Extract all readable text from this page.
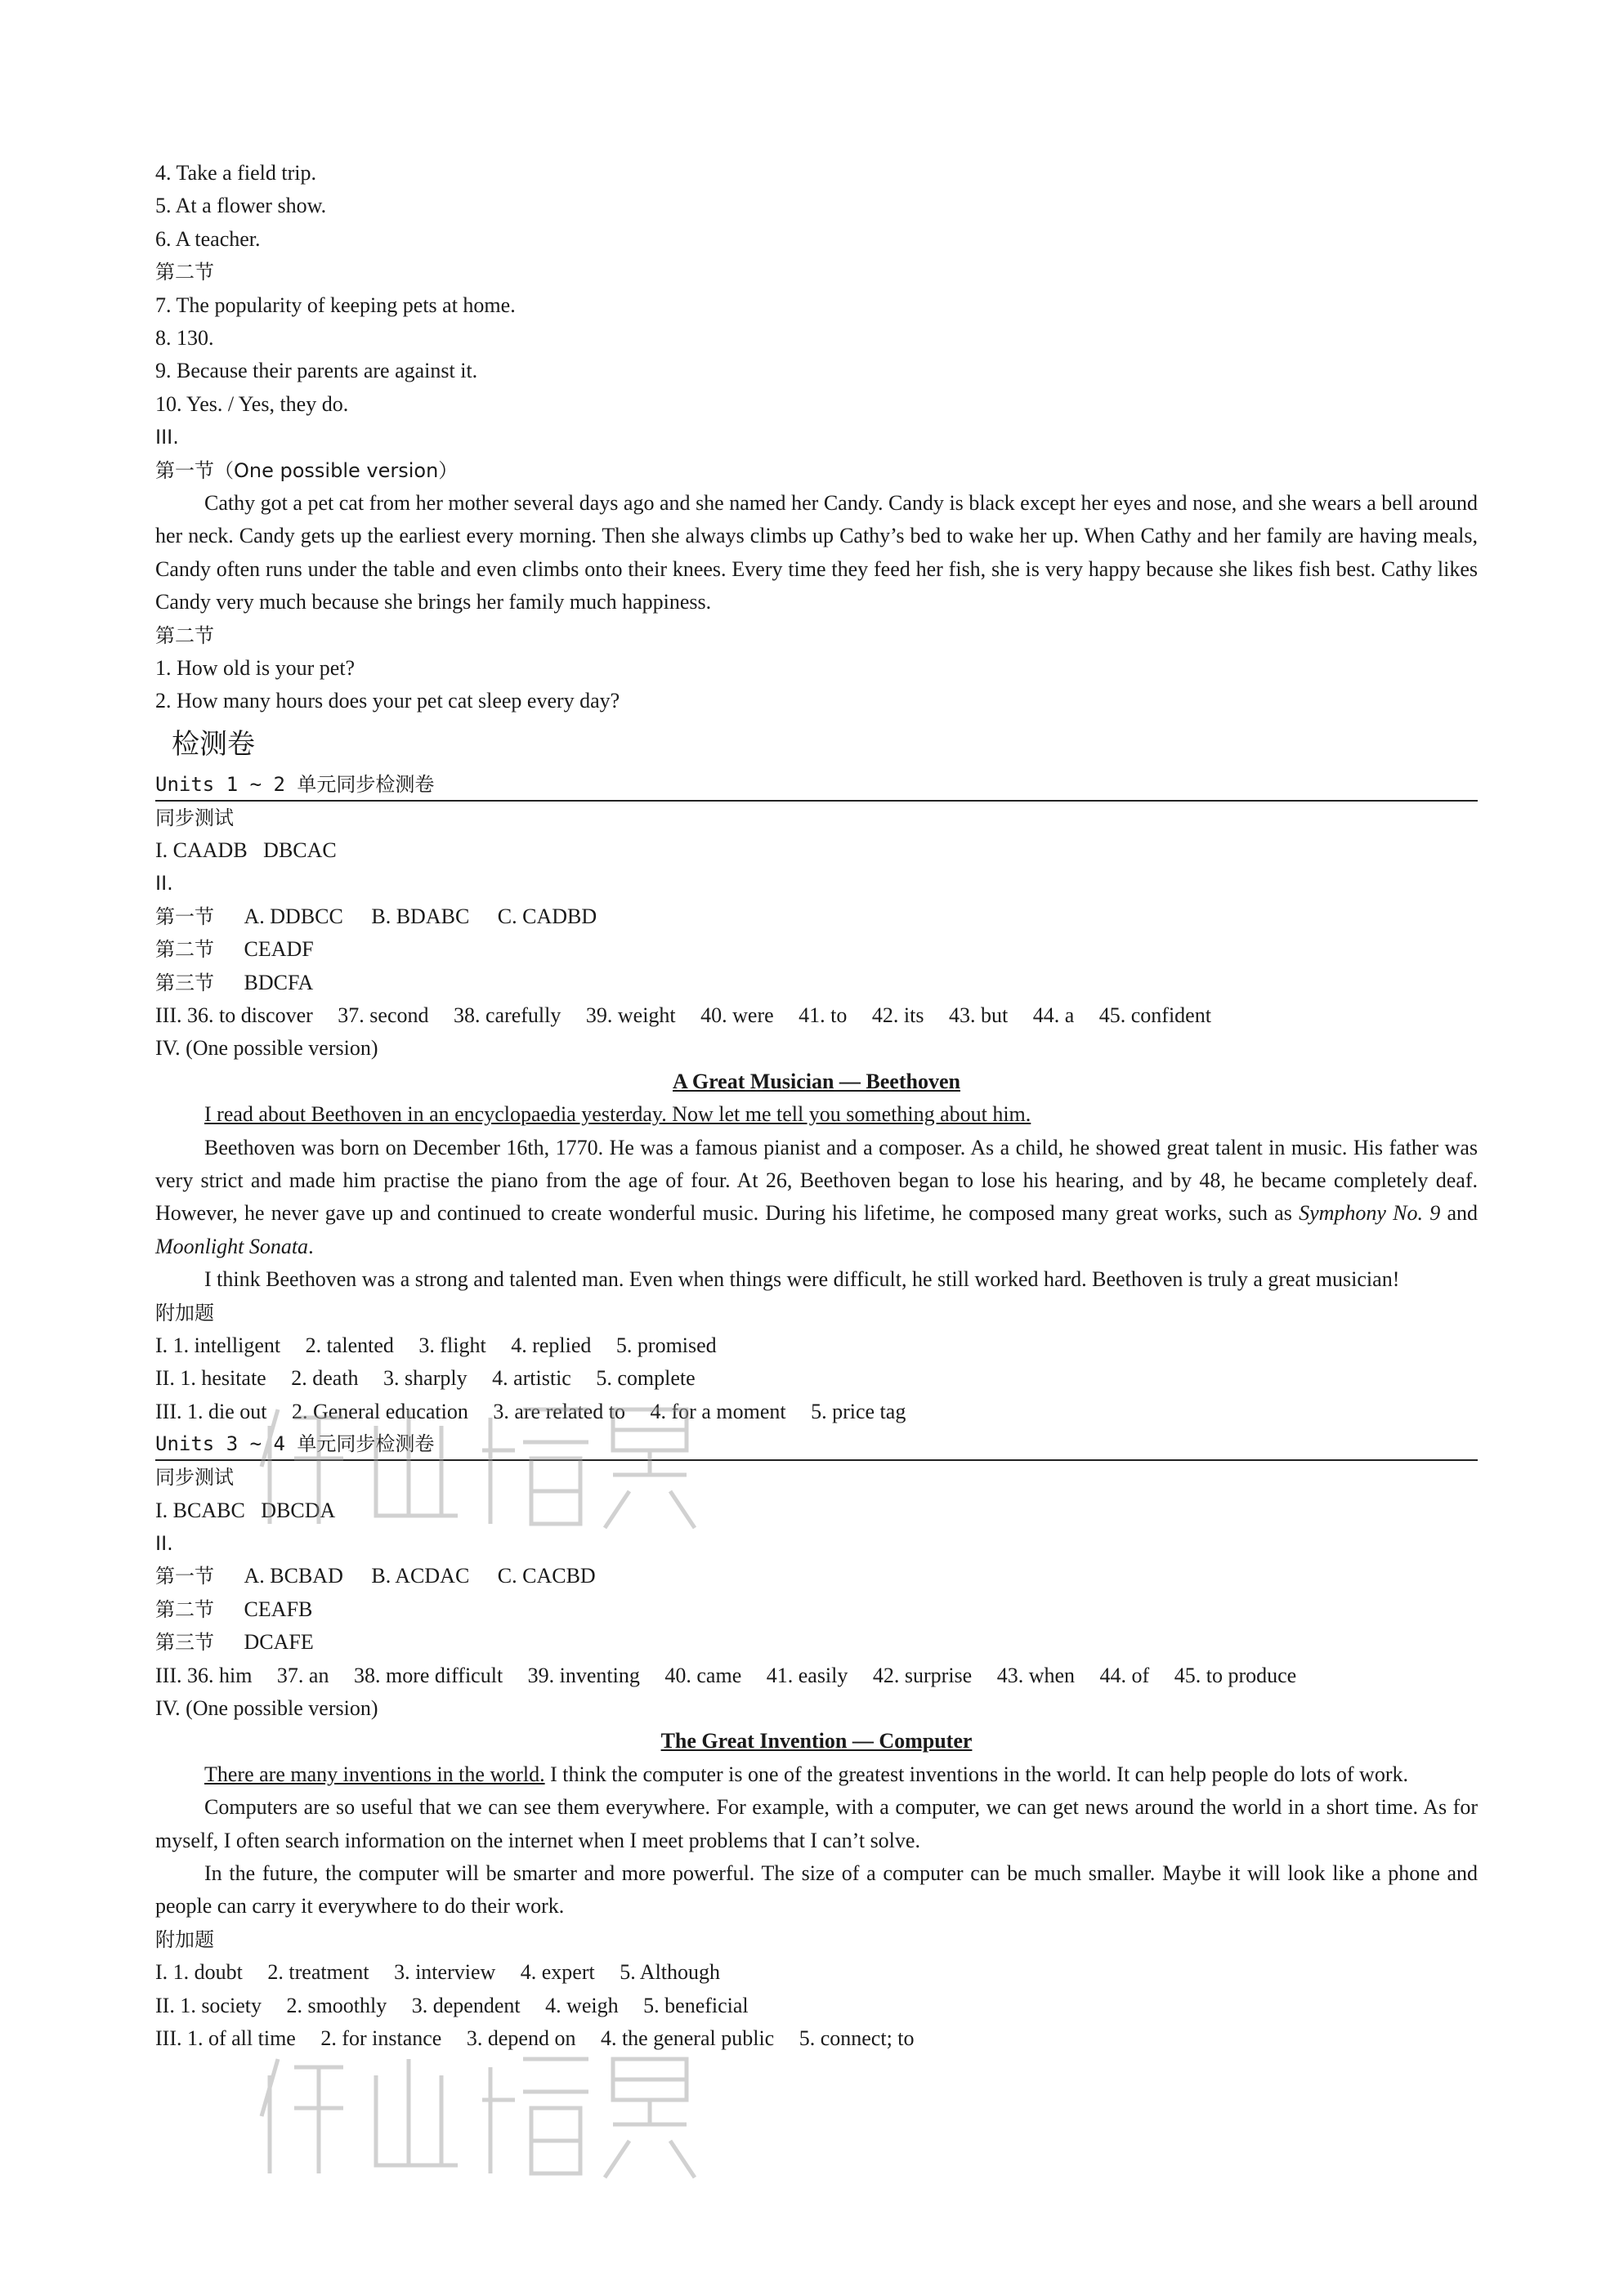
4. Take a field trip.
5. At a flower show.
6. A teacher.
第二节
7. The popularity of keeping pets at home.
8. 130.
9. Because their parents are against it.
10. Yes. / Yes, they do.
III.
第一节（One possible version）
Cathy got a pet cat from her mother several days ago and she named her Candy. Candy is black except her eyes and nose, and she wears a bell around her neck. Candy gets up the earliest every morning. Then she always climbs up Cathy’s bed to wake her up. When Cathy and her family are having meals, Candy often runs under the table and even climbs onto their knees. Every time they feed her fish, she is very happy because she likes fish best. Cathy likes Candy very much because she brings her family much happiness.
第二节
1. How old is your pet?
2. How many hours does your pet cat sleep every day?
检测卷
Units 1 ~ 2 单元同步检测卷
同步测试
I. CAADB   DBCAC
II.
第一节 A. DDBCC B. BDABC C. CADBD
第二节 CEADF
第三节 BDCFA
III. 36. to discover 37. second 38. carefully 39. weight 40. were 41. to 42. its 43. but 44. a 45. confident
IV. (One possible version)
A Great Musician — Beethoven
I read about Beethoven in an encyclopaedia yesterday. Now let me tell you something about him.
Beethoven was born on December 16th, 1770. He was a famous pianist and a composer. As a child, he showed great talent in music. His father was very strict and made him practise the piano from the age of four. At 26, Beethoven began to lose his hearing, and by 48, he became completely deaf. However, he never gave up and continued to create wonderful music. During his lifetime, he composed many great works, such as Symphony No. 9 and Moonlight Sonata.
I think Beethoven was a strong and talented man. Even when things were difficult, he still worked hard. Beethoven is truly a great musician!
附加题
I. 1. intelligent 2. talented 3. flight 4. replied 5. promised
II. 1. hesitate 2. death 3. sharply 4. artistic 5. complete
III. 1. die out 2. General education 3. are related to 4. for a moment 5. price tag
Units 3 ~ 4 单元同步检测卷
同步测试
I. BCABC   DBCDA
II.
第一节 A. BCBAD B. ACDAC C. CACBD
第二节 CEAFB
第三节 DCAFE
III. 36. him 37. an 38. more difficult 39. inventing 40. came 41. easily 42. surprise 43. when 44. of 45. to produce
IV. (One possible version)
The Great Invention — Computer
There are many inventions in the world. I think the computer is one of the greatest inventions in the world. It can help people do lots of work.
Computers are so useful that we can see them everywhere. For example, with a computer, we can get news around the world in a short time. As for myself, I often search information on the internet when I meet problems that I can’t solve.
In the future, the computer will be smarter and more powerful. The size of a computer can be much smaller. Maybe it will look like a phone and people can carry it everywhere to do their work.
附加题
I. 1. doubt 2. treatment 3. interview 4. expert 5. Although
II. 1. society 2. smoothly 3. dependent 4. weigh 5. beneficial
III. 1. of all time 2. for instance 3. depend on 4. the general public 5. connect; to
